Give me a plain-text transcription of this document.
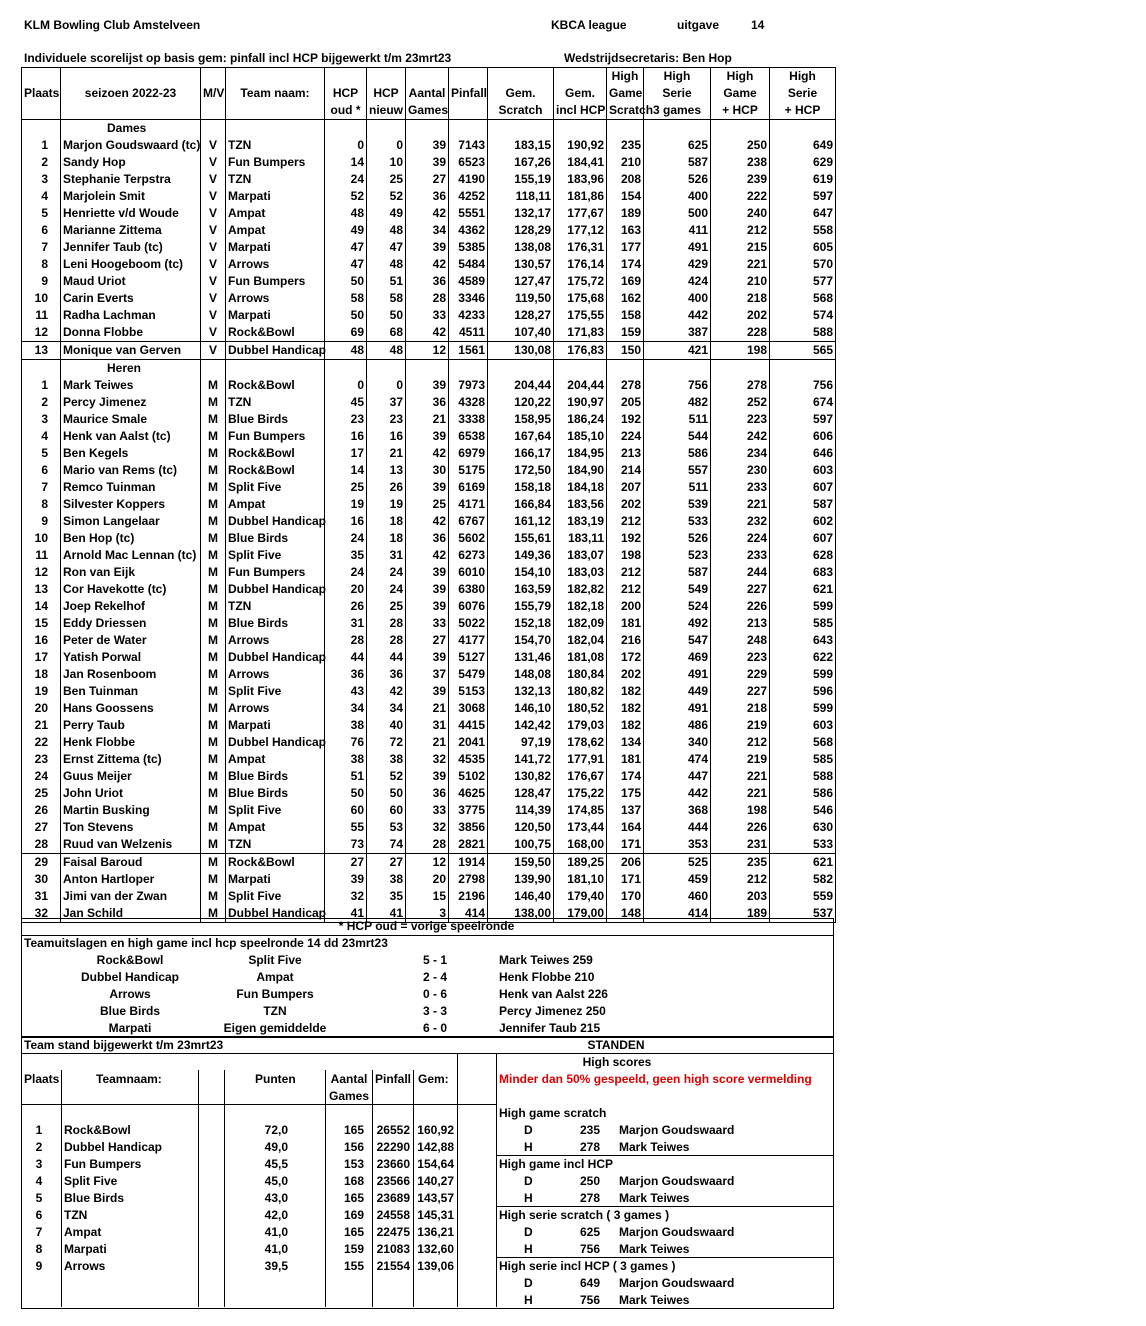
KLM Bowling Club Amstelveen	KBCA league	uitgave	14
Individuele scorelijst op basis gem: pinfall incl HCP bijgewerkt t/m 23mrt23	Wedstrijdsecretaris: Ben Hop
										High	High	High	High
Plaats	seizoen 2022-23	M/V	Team naam:	HCP	HCP	Aantal	Pinfall	Gem.	Gem.	Game	Serie	Game	Serie
				oud *	nieuw	Games		Scratch	incl HCP	Scratch	3 games	+ HCP	+ HCP
	Dames												
1	Marjon Goudswaard (tc)	V	TZN	0	0	39	7143	183,15	190,92	235	625	250	649
2	Sandy Hop	V	Fun Bumpers	14	10	39	6523	167,26	184,41	210	587	238	629
3	Stephanie Terpstra	V	TZN	24	25	27	4190	155,19	183,96	208	526	239	619
4	Marjolein Smit	V	Marpati	52	52	36	4252	118,11	181,86	154	400	222	597
5	Henriette v/d Woude	V	Ampat	48	49	42	5551	132,17	177,67	189	500	240	647
6	Marianne Zittema	V	Ampat	49	48	34	4362	128,29	177,12	163	411	212	558
7	Jennifer Taub (tc)	V	Marpati	47	47	39	5385	138,08	176,31	177	491	215	605
8	Leni Hoogeboom (tc)	V	Arrows	47	48	42	5484	130,57	176,14	174	429	221	570
9	Maud Uriot	V	Fun Bumpers	50	51	36	4589	127,47	175,72	169	424	210	577
10	Carin Everts	V	Arrows	58	58	28	3346	119,50	175,68	162	400	218	568
11	Radha Lachman	V	Marpati	50	50	33	4233	128,27	175,55	158	442	202	574
12	Donna Flobbe	V	Rock&Bowl	69	68	42	4511	107,40	171,83	159	387	228	588
13	Monique van Gerven	V	Dubbel Handicap	48	48	12	1561	130,08	176,83	150	421	198	565
	Heren												
1	Mark Teiwes	M	Rock&Bowl	0	0	39	7973	204,44	204,44	278	756	278	756
2	Percy Jimenez	M	TZN	45	37	36	4328	120,22	190,97	205	482	252	674
3	Maurice Smale	M	Blue Birds	23	23	21	3338	158,95	186,24	192	511	223	597
4	Henk van Aalst (tc)	M	Fun Bumpers	16	16	39	6538	167,64	185,10	224	544	242	606
5	Ben Kegels	M	Rock&Bowl	17	21	42	6979	166,17	184,95	213	586	234	646
6	Mario van Rems (tc)	M	Rock&Bowl	14	13	30	5175	172,50	184,90	214	557	230	603
7	Remco Tuinman	M	Split Five	25	26	39	6169	158,18	184,18	207	511	233	607
8	Silvester Koppers	M	Ampat	19	19	25	4171	166,84	183,56	202	539	221	587
9	Simon Langelaar	M	Dubbel Handicap	16	18	42	6767	161,12	183,19	212	533	232	602
10	Ben Hop (tc)	M	Blue Birds	24	18	36	5602	155,61	183,11	192	526	224	607
11	Arnold Mac Lennan (tc)	M	Split Five	35	31	42	6273	149,36	183,07	198	523	233	628
12	Ron van Eijk	M	Fun Bumpers	24	24	39	6010	154,10	183,03	212	587	244	683
13	Cor Havekotte (tc)	M	Dubbel Handicap	20	24	39	6380	163,59	182,82	212	549	227	621
14	Joep Rekelhof	M	TZN	26	25	39	6076	155,79	182,18	200	524	226	599
15	Eddy Driessen	M	Blue Birds	31	28	33	5022	152,18	182,09	181	492	213	585
16	Peter de Water	M	Arrows	28	28	27	4177	154,70	182,04	216	547	248	643
17	Yatish Porwal	M	Dubbel Handicap	44	44	39	5127	131,46	181,08	172	469	223	622
18	Jan Rosenboom	M	Arrows	36	36	37	5479	148,08	180,84	202	491	229	599
19	Ben Tuinman	M	Split Five	43	42	39	5153	132,13	180,82	182	449	227	596
20	Hans Goossens	M	Arrows	34	34	21	3068	146,10	180,52	182	491	218	599
21	Perry Taub	M	Marpati	38	40	31	4415	142,42	179,03	182	486	219	603
22	Henk Flobbe	M	Dubbel Handicap	76	72	21	2041	97,19	178,62	134	340	212	568
23	Ernst Zittema (tc)	M	Ampat	38	38	32	4535	141,72	177,91	181	474	219	585
24	Guus Meijer	M	Blue Birds	51	52	39	5102	130,82	176,67	174	447	221	588
25	John Uriot	M	Blue Birds	50	50	36	4625	128,47	175,22	175	442	221	586
26	Martin Busking	M	Split Five	60	60	33	3775	114,39	174,85	137	368	198	546
27	Ton Stevens	M	Ampat	55	53	32	3856	120,50	173,44	164	444	226	630
28	Ruud van Welzenis	M	TZN	73	74	28	2821	100,75	168,00	171	353	231	533
29	Faisal Baroud	M	Rock&Bowl	27	27	12	1914	159,50	189,25	206	525	235	621
30	Anton Hartloper	M	Marpati	39	38	20	2798	139,90	181,10	171	459	212	582
31	Jimi van der Zwan	M	Split Five	32	35	15	2196	146,40	179,40	170	460	203	559
32	Jan Schild	M	Dubbel Handicap	41	41	3	414	138,00	179,00	148	414	189	537
* HCP oud = vorige speelronde
Teamuitslagen en high game incl hcp speelronde 14 dd 23mrt23
Rock&Bowl	Split Five	5 - 1	Mark Teiwes 259
Dubbel Handicap	Ampat	2 - 4	Henk Flobbe 210
Arrows	Fun Bumpers	0 - 6	Henk van Aalst 226
Blue Birds	TZN	3 - 3	Percy Jimenez 250
Marpati	Eigen gemiddelde	6 - 0	Jennifer Taub 215
Team stand bijgewerkt t/m 23mrt23	STANDEN
Plaats	Teamnaam:	Punten	Aantal
Games
Pinfall Gem:
1	Rock&Bowl	72,0	165 26552 160,92
2	Dubbel Handicap	49,0	156 22290 142,88
3	Fun Bumpers	45,5	153 23660 154,64
4	Split Five	45,0	168 23566 140,27
5	Blue Birds	43,0	165 23689 143,57
6	TZN	42,0	169 24558 145,31
7	Ampat	41,0	165 22475 136,21
8	Marpati	41,0	159 21083 132,60
9	Arrows	39,5	155 21554 139,06
High scores
Minder dan 50% gespeeld, geen high score vermelding
High game scratch
D	235 Marjon Goudswaard
H	278 Mark Teiwes
High game incl HCP
D	250 Marjon Goudswaard
H	278 Mark Teiwes
High serie scratch ( 3 games )
D	625 Marjon Goudswaard
H	756 Mark Teiwes
High serie incl HCP ( 3 games )
D	649 Marjon Goudswaard
H	756 Mark Teiwes
